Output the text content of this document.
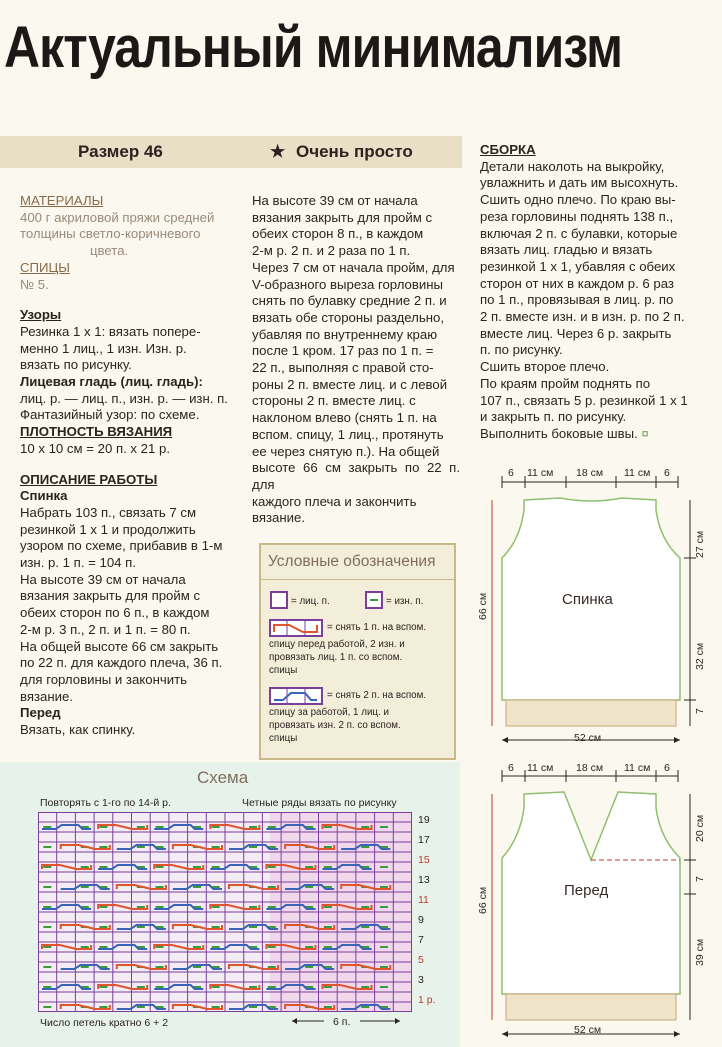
Актуальный минимализм
Размер 46	★ Очень просто

МАТЕРИАЛЫ

400 г акриловой пряжи средней

толщины светло-коричневого

цвета.

СПИЦЫ

№ 5.

Узоры

Резинка 1 х 1: вязать попере-

менно 1 лиц., 1 изн. Изн. р.

вязать по рисунку.

Лицевая гладь (лиц. гладь):

лиц. р. — лиц. п., изн. р. — изн. п.

Фантазийный узор: по схеме.

ПЛОТНОСТЬ ВЯЗАНИЯ

10 х 10 см = 20 п. х 21 р.

ОПИСАНИЕ РАБОТЫ

Спинка

Набрать 103 п., связать 7 см

резинкой 1 х 1 и продолжить

узором по схеме, прибавив в 1-м

изн. р. 1 п. = 104 п.

На высоте 39 см от начала

вязания закрыть для пройм с

обеих сторон по 6 п., в каждом

2-м р. 3 п., 2 п. и 1 п. = 80 п.

На общей высоте 66 см закрыть

по 22 п. для каждого плеча, 36 п.

для горловины и закончить

вязание.

Перед

Вязать, как спинку.

На высоте 39 см от начала

вязания закрыть для пройм с

обеих сторон 8 п., в каждом

2-м р. 2 п. и 2 раза по 1 п.

Через 7 см от начала пройм, для

V-образного выреза горловины

снять по булавку средние 2 п. и

вязать обе стороны раздельно,

убавляя по внутреннему краю

после 1 кром. 17 раз по 1 п. =

22 п., выполняя с правой сто-

роны 2 п. вместе лиц. и с левой

стороны 2 п. вместе лиц. с

наклоном влево (снять 1 п. на

вспом. спицу, 1 лиц., протянуть

ее через снятую п.). На общей

высоте 66 см закрыть по 22 п. для

каждого плеча и закончить

вязание.

СБОРКА

Детали наколоть на выкройку,

увлажнить и дать им высохнуть.

Сшить одно плечо. По краю вы-

реза горловины поднять 138 п.,

включая 2 п. с булавки, которые

вязать лиц. гладью и вязать

резинкой 1 х 1, убавляя с обеих

сторон от них в каждом р. 6 раз

по 1 п., провязывая в лиц. р. по

2 п. вместе изн. и в изн. р. по 2 п.

вместе лиц. Через 6 р. закрыть

п. по рисунку.

Сшить второе плечо.

По краям пройм поднять по

107 п., связать 5 р. резинкой 1 х 1

и закрыть п. по рисунку.

Выполнить боковые швы. ¤

Условные обозначения
= лиц. п.	= изн. п.
= снять 1 п. на вспом.
спицу перед работой, 2 изн. и
провязать лиц. 1 п. со вспом.
спицы
= снять 2 п. на вспом.
спицу за работой, 1 лиц. и
провязать изн. 2 п. со вспом.
спицы
Схема
Повторять с 1-го по 14-й р.	Четные ряды вязать по рисунку
19
17
15
13
11
9
7
5
3
1 р.
Число петель кратно 6 + 2	6 п.
6 11 см 18 см 11 см 6
Спинка
66 см
27 см
32 см
7
52 см
6 11 см 18 см 11 см 6
Перед
66 см
20 см
7
39 см
52 см
